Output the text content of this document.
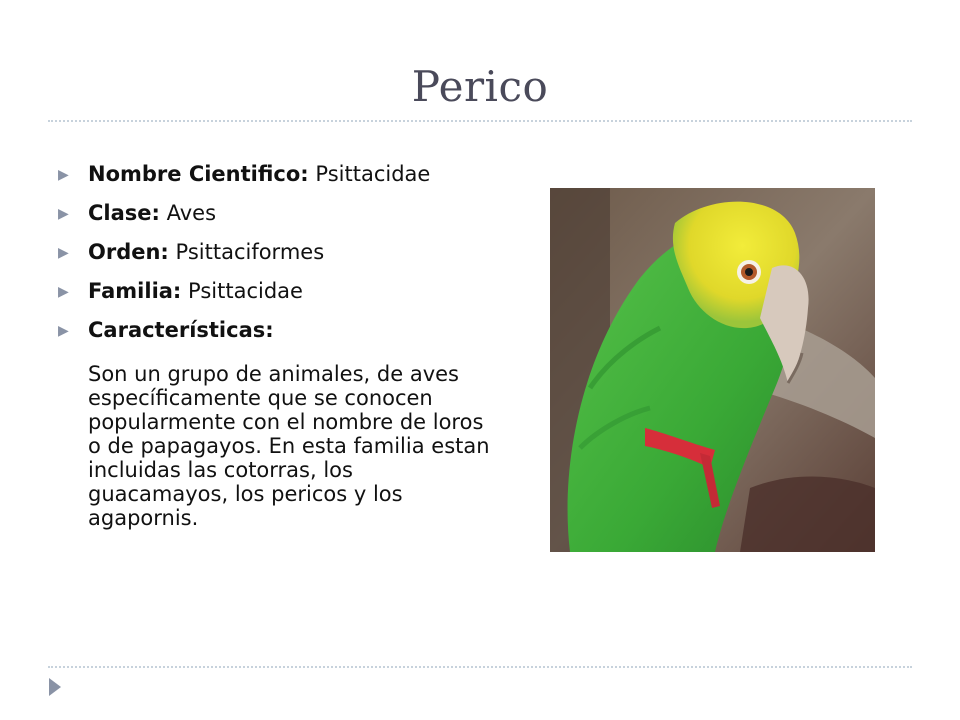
Perico
▶ Nombre Cientifico: Psittacidae
▶ Clase: Aves
▶ Orden: Psittaciformes
▶ Familia: Psittacidae
▶ Características:
Son un grupo de animales, de aves específicamente que se conocen popularmente con el nombre de loros o de papagayos. En esta familia estan incluidas las cotorras, los guacamayos, los pericos y los agapornis.
